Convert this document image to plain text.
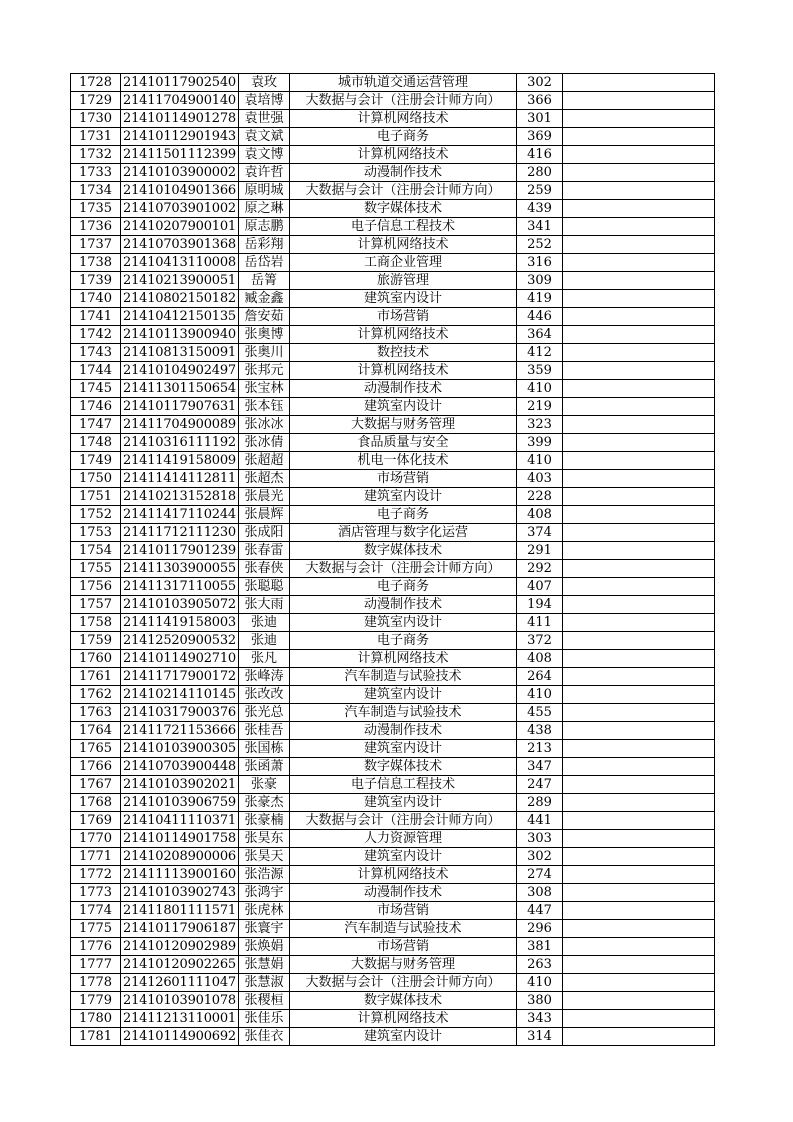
1728	21410117902540	袁玫	城市轨道交通运营管理	302	
1729	21411704900140	袁培博	大数据与会计（注册会计师方向）	366	
1730	21410114901278	袁世强	计算机网络技术	301	
1731	21410112901943	袁文斌	电子商务	369	
1732	21411501112399	袁文博	计算机网络技术	416	
1733	21410103900002	袁许哲	动漫制作技术	280	
1734	21410104901366	原明城	大数据与会计（注册会计师方向）	259	
1735	21410703901002	原之琳	数字媒体技术	439	
1736	21410207900101	原志鹏	电子信息工程技术	341	
1737	21410703901368	岳彩翔	计算机网络技术	252	
1738	21410413110008	岳岱岩	工商企业管理	316	
1739	21410213900051	岳箐	旅游管理	309	
1740	21410802150182	臧金鑫	建筑室内设计	419	
1741	21410412150135	詹安茹	市场营销	446	
1742	21410113900940	张奥博	计算机网络技术	364	
1743	21410813150091	张奥川	数控技术	412	
1744	21410104902497	张邦元	计算机网络技术	359	
1745	21411301150654	张宝林	动漫制作技术	410	
1746	21410117907631	张本钰	建筑室内设计	219	
1747	21411704900089	张冰冰	大数据与财务管理	323	
1748	21410316111192	张冰倩	食品质量与安全	399	
1749	21411419158009	张超超	机电一体化技术	410	
1750	21411414112811	张超杰	市场营销	403	
1751	21410213152818	张晨光	建筑室内设计	228	
1752	21411417110244	张晨辉	电子商务	408	
1753	21411712111230	张成阳	酒店管理与数字化运营	374	
1754	21410117901239	张春雷	数字媒体技术	291	
1755	21411303900055	张春侠	大数据与会计（注册会计师方向）	292	
1756	21411317110055	张聪聪	电子商务	407	
1757	21410103905072	张大雨	动漫制作技术	194	
1758	21411419158003	张迪	建筑室内设计	411	
1759	21412520900532	张迪	电子商务	372	
1760	21410114902710	张凡	计算机网络技术	408	
1761	21411717900172	张峰涛	汽车制造与试验技术	264	
1762	21410214110145	张改改	建筑室内设计	410	
1763	21410317900376	张光总	汽车制造与试验技术	455	
1764	21411721153666	张桂吾	动漫制作技术	438	
1765	21410103900305	张国栋	建筑室内设计	213	
1766	21410703900448	张函萧	数字媒体技术	347	
1767	21410103902021	张豪	电子信息工程技术	247	
1768	21410103906759	张豪杰	建筑室内设计	289	
1769	21410411110371	张豪楠	大数据与会计（注册会计师方向）	441	
1770	21410114901758	张昊东	人力资源管理	303	
1771	21410208900006	张昊天	建筑室内设计	302	
1772	21411113900160	张浩源	计算机网络技术	274	
1773	21410103902743	张鸿宇	动漫制作技术	308	
1774	21411801111571	张虎林	市场营销	447	
1775	21410117906187	张寰宇	汽车制造与试验技术	296	
1776	21410120902989	张焕娟	市场营销	381	
1777	21410120902265	张慧娟	大数据与财务管理	263	
1778	21412601111047	张慧淑	大数据与会计（注册会计师方向）	410	
1779	21410103901078	张稷桓	数字媒体技术	380	
1780	21411213110001	张佳乐	计算机网络技术	343	
1781	21410114900692	张佳衣	建筑室内设计	314	
